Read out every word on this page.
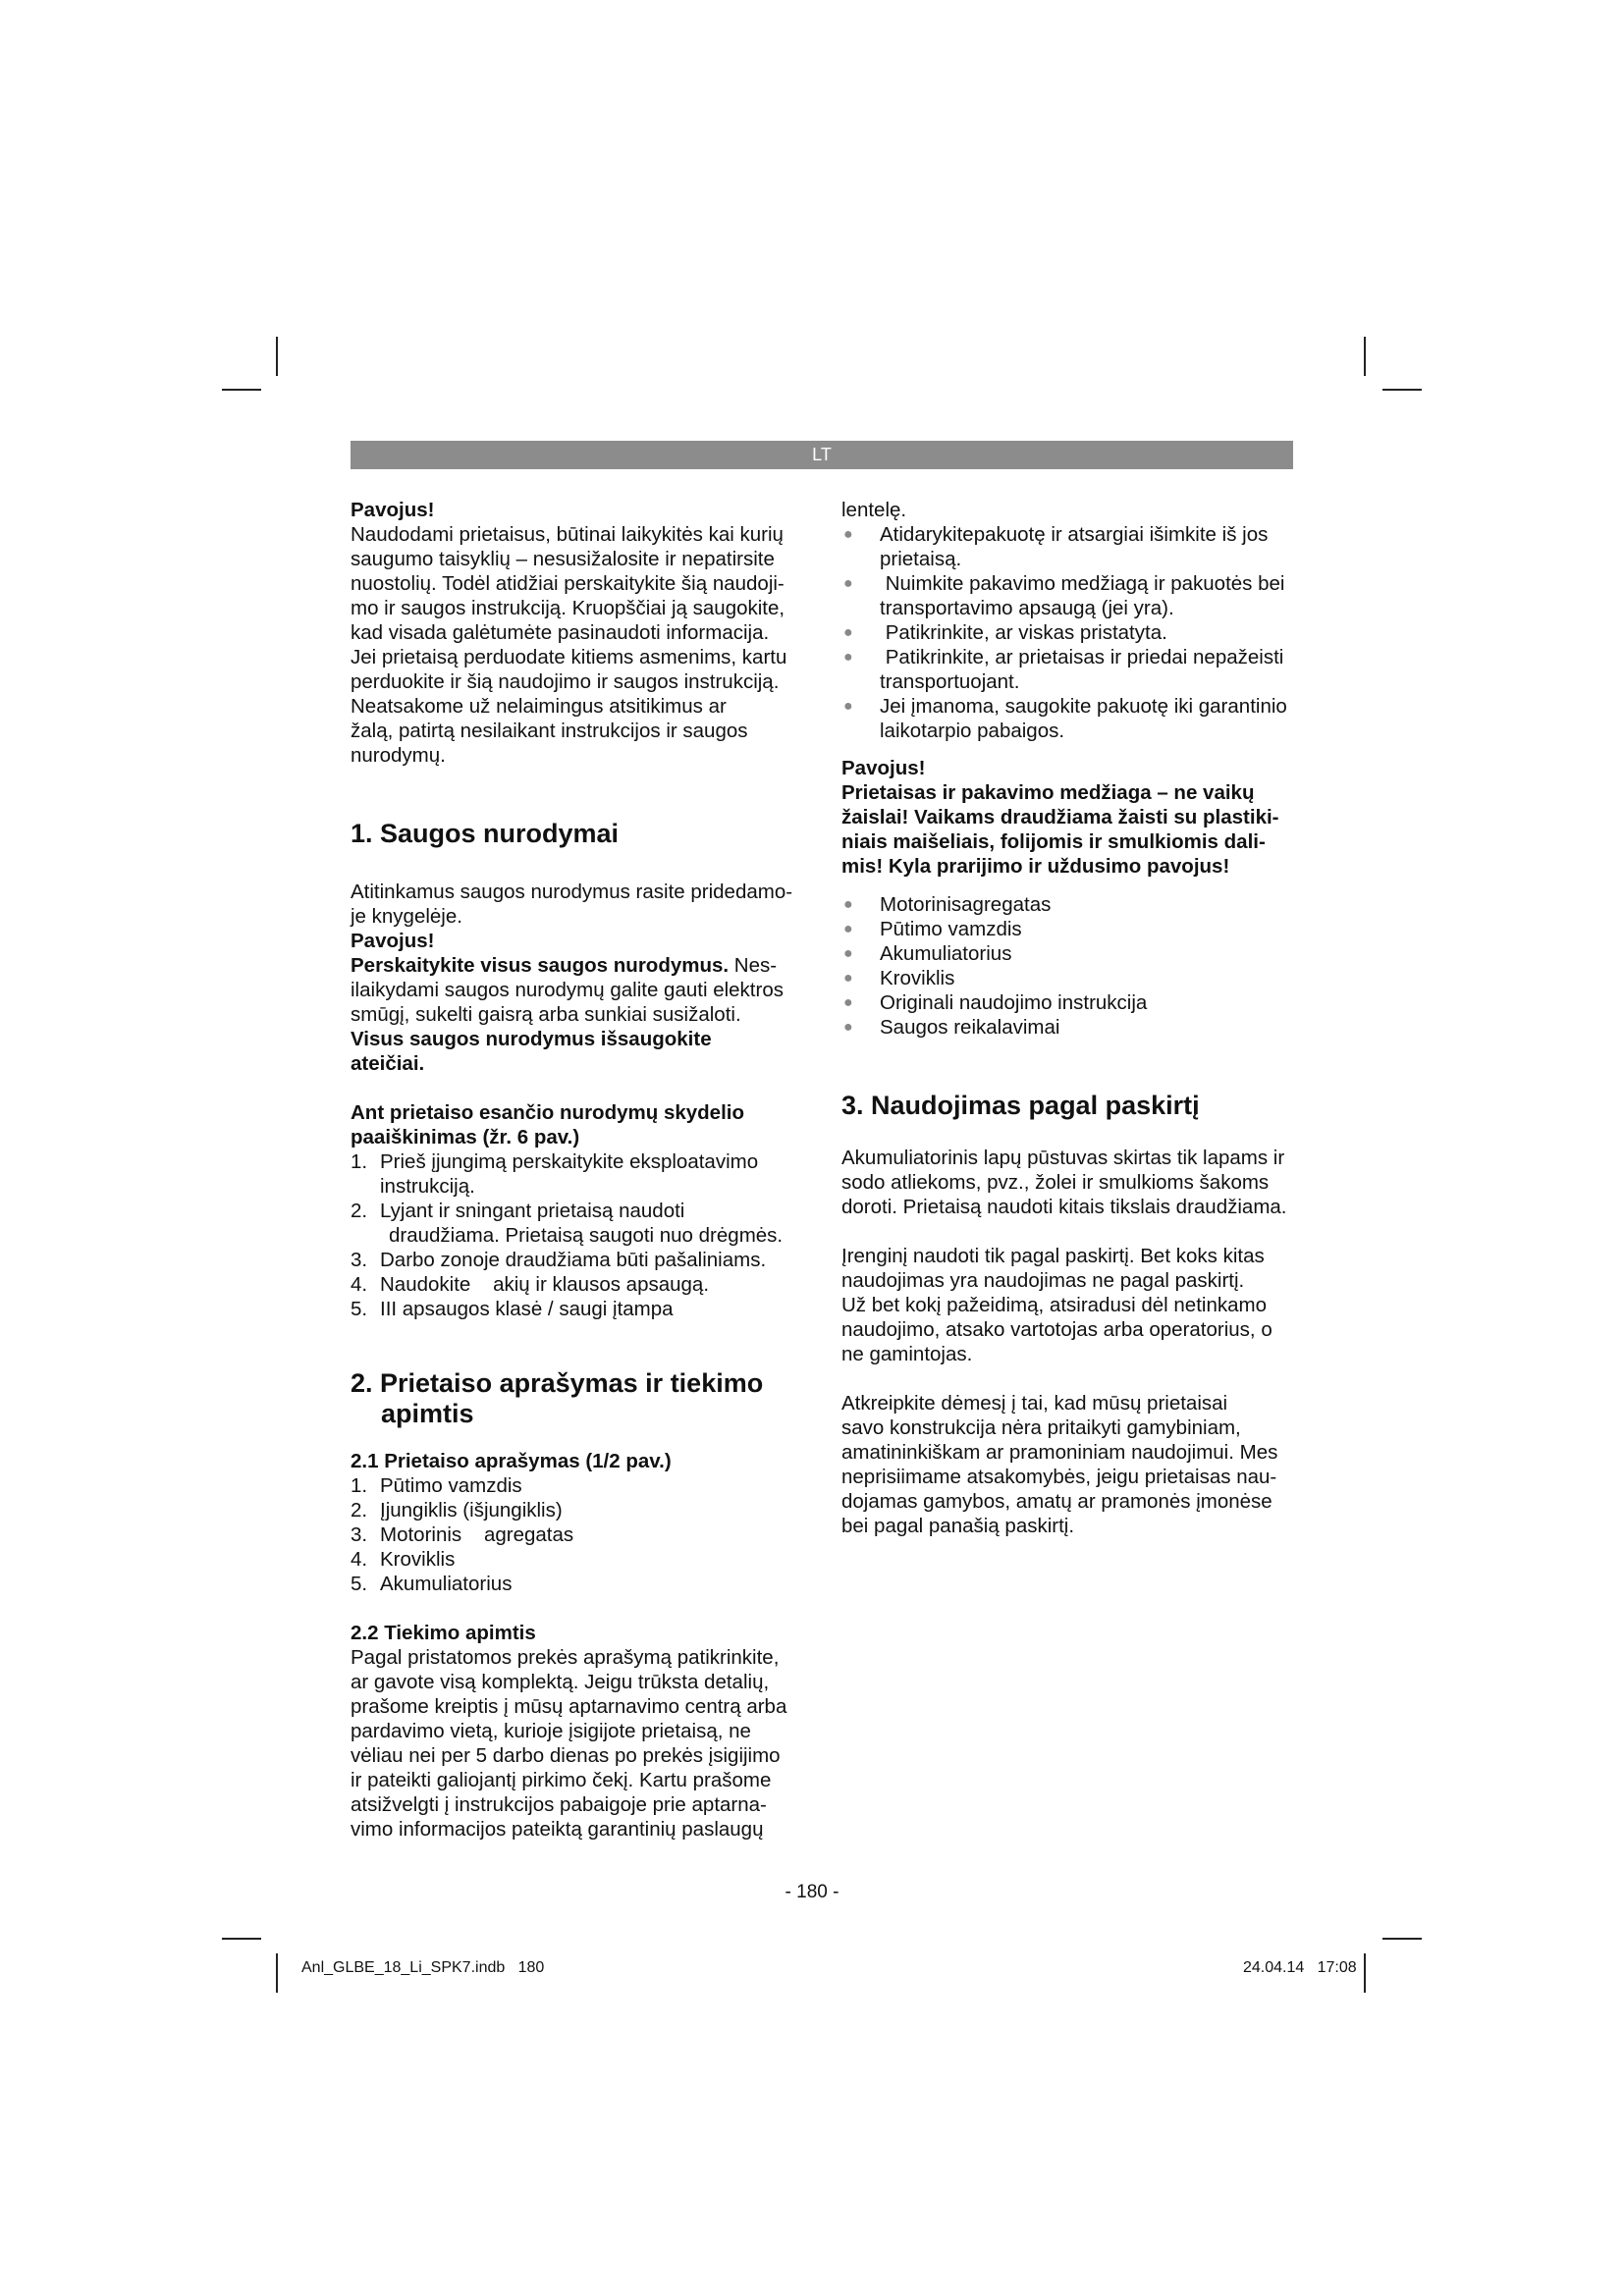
LT

Pavojus!

Naudodami prietaisus, būtinai laikykitės kai kurių

saugumo taisyklių – nesusižalosite ir nepatirsite

nuostolių. Todėl atidžiai perskaitykite šią naudoji-

mo ir saugos instrukciją. Kruopščiai ją saugokite,

kad visada galėtumėte pasinaudoti informacija.

Jei prietaisą perduodate kitiems asmenims, kartu

perduokite ir šią naudojimo ir saugos instrukciją.

Neatsakome už nelaimingus atsitikimus ar

žalą, patirtą nesilaikant instrukcijos ir saugos

nurodymų.

1. Saugos nurodymai

Atitinkamus saugos nurodymus rasite pridedamo-

je knygelėje.

Pavojus!

Perskaitykite visus saugos nurodymus. Nes-

ilaikydami saugos nurodymų galite gauti elektros

smūgį, sukelti gaisrą arba sunkiai susižaloti.

Visus saugos nurodymus išsaugokite

ateičiai.

Ant prietaiso esančio nurodymų skydelio
paaiškinimas (žr. 6 pav.)
1. Prieš įjungimą perskaitykite eksploatavimo
instrukciją.
2. Lyjant ir sningant prietaisą naudoti
draudžiama. Prietaisą saugoti nuo drėgmės.
3. Darbo zonoje draudžiama būti pašaliniams.
4. Naudokite    akių ir klausos apsaugą.
5. III apsaugos klasė / saugi įtampa
2. Prietaiso aprašymas ir tiekimo apimtis
2.1 Prietaiso aprašymas (1/2 pav.)
1. Pūtimo vamzdis
2. Įjungiklis (išjungiklis)
3. Motorinis    agregatas
4. Kroviklis
5. Akumuliatorius
2.2 Tiekimo apimtis

Pagal pristatomos prekės aprašymą patikrinkite,

ar gavote visą komplektą. Jeigu trūksta detalių,

prašome kreiptis į mūsų aptarnavimo centrą arba

pardavimo vietą, kurioje įsigijote prietaisą, ne

vėliau nei per 5 darbo dienas po prekės įsigijimo

ir pateikti galiojantį pirkimo čekį. Kartu prašome

atsižvelgti į instrukcijos pabaigoje prie aptarna-

vimo informacijos pateiktą garantinių paslaugų

lentelę.

●	Atidarykitepakuotę ir atsargiai išimkite iš jos
prietaisą.
●	Nuimkite pakavimo medžiagą ir pakuotės bei
transportavimo apsaugą (jei yra).
●	Patikrinkite, ar viskas pristatyta.
●	Patikrinkite, ar prietaisas ir priedai nepažeisti
transportuojant.
●	Jei įmanoma, saugokite pakuotę iki garantinio
laikotarpio pabaigos.

Pavojus!

Prietaisas ir pakavimo medžiaga – ne vaikų

žaislai! Vaikams draudžiama žaisti su plastiki-

niais maišeliais, folijomis ir smulkiomis dali-

mis! Kyla prarijimo ir uždusimo pavojus!

●	Motorinisagregatas
●	Pūtimo vamzdis
●	Akumuliatorius
●	Kroviklis
●	Originali naudojimo instrukcija
●	Saugos reikalavimai
3. Naudojimas pagal paskirtį

Akumuliatorinis lapų pūstuvas skirtas tik lapams ir

sodo atliekoms, pvz., žolei ir smulkioms šakoms

doroti. Prietaisą naudoti kitais tikslais draudžiama.

Įrenginį naudoti tik pagal paskirtį. Bet koks kitas

naudojimas yra naudojimas ne pagal paskirtį.

Už bet kokį pažeidimą, atsiradusi dėl netinkamo

naudojimo, atsako vartotojas arba operatorius, o

ne gamintojas.

Atkreipkite dėmesį į tai, kad mūsų prietaisai

savo konstrukcija nėra pritaikyti gamybiniam,

amatininkiškam ar pramoniniam naudojimui. Mes

neprisiimame atsakomybės, jeigu prietaisas nau-

dojamas gamybos, amatų ar pramonės įmonėse

bei pagal panašią paskirtį.

- 180 -
Anl_GLBE_18_Li_SPK7.indb   180	24.04.14   17:08
